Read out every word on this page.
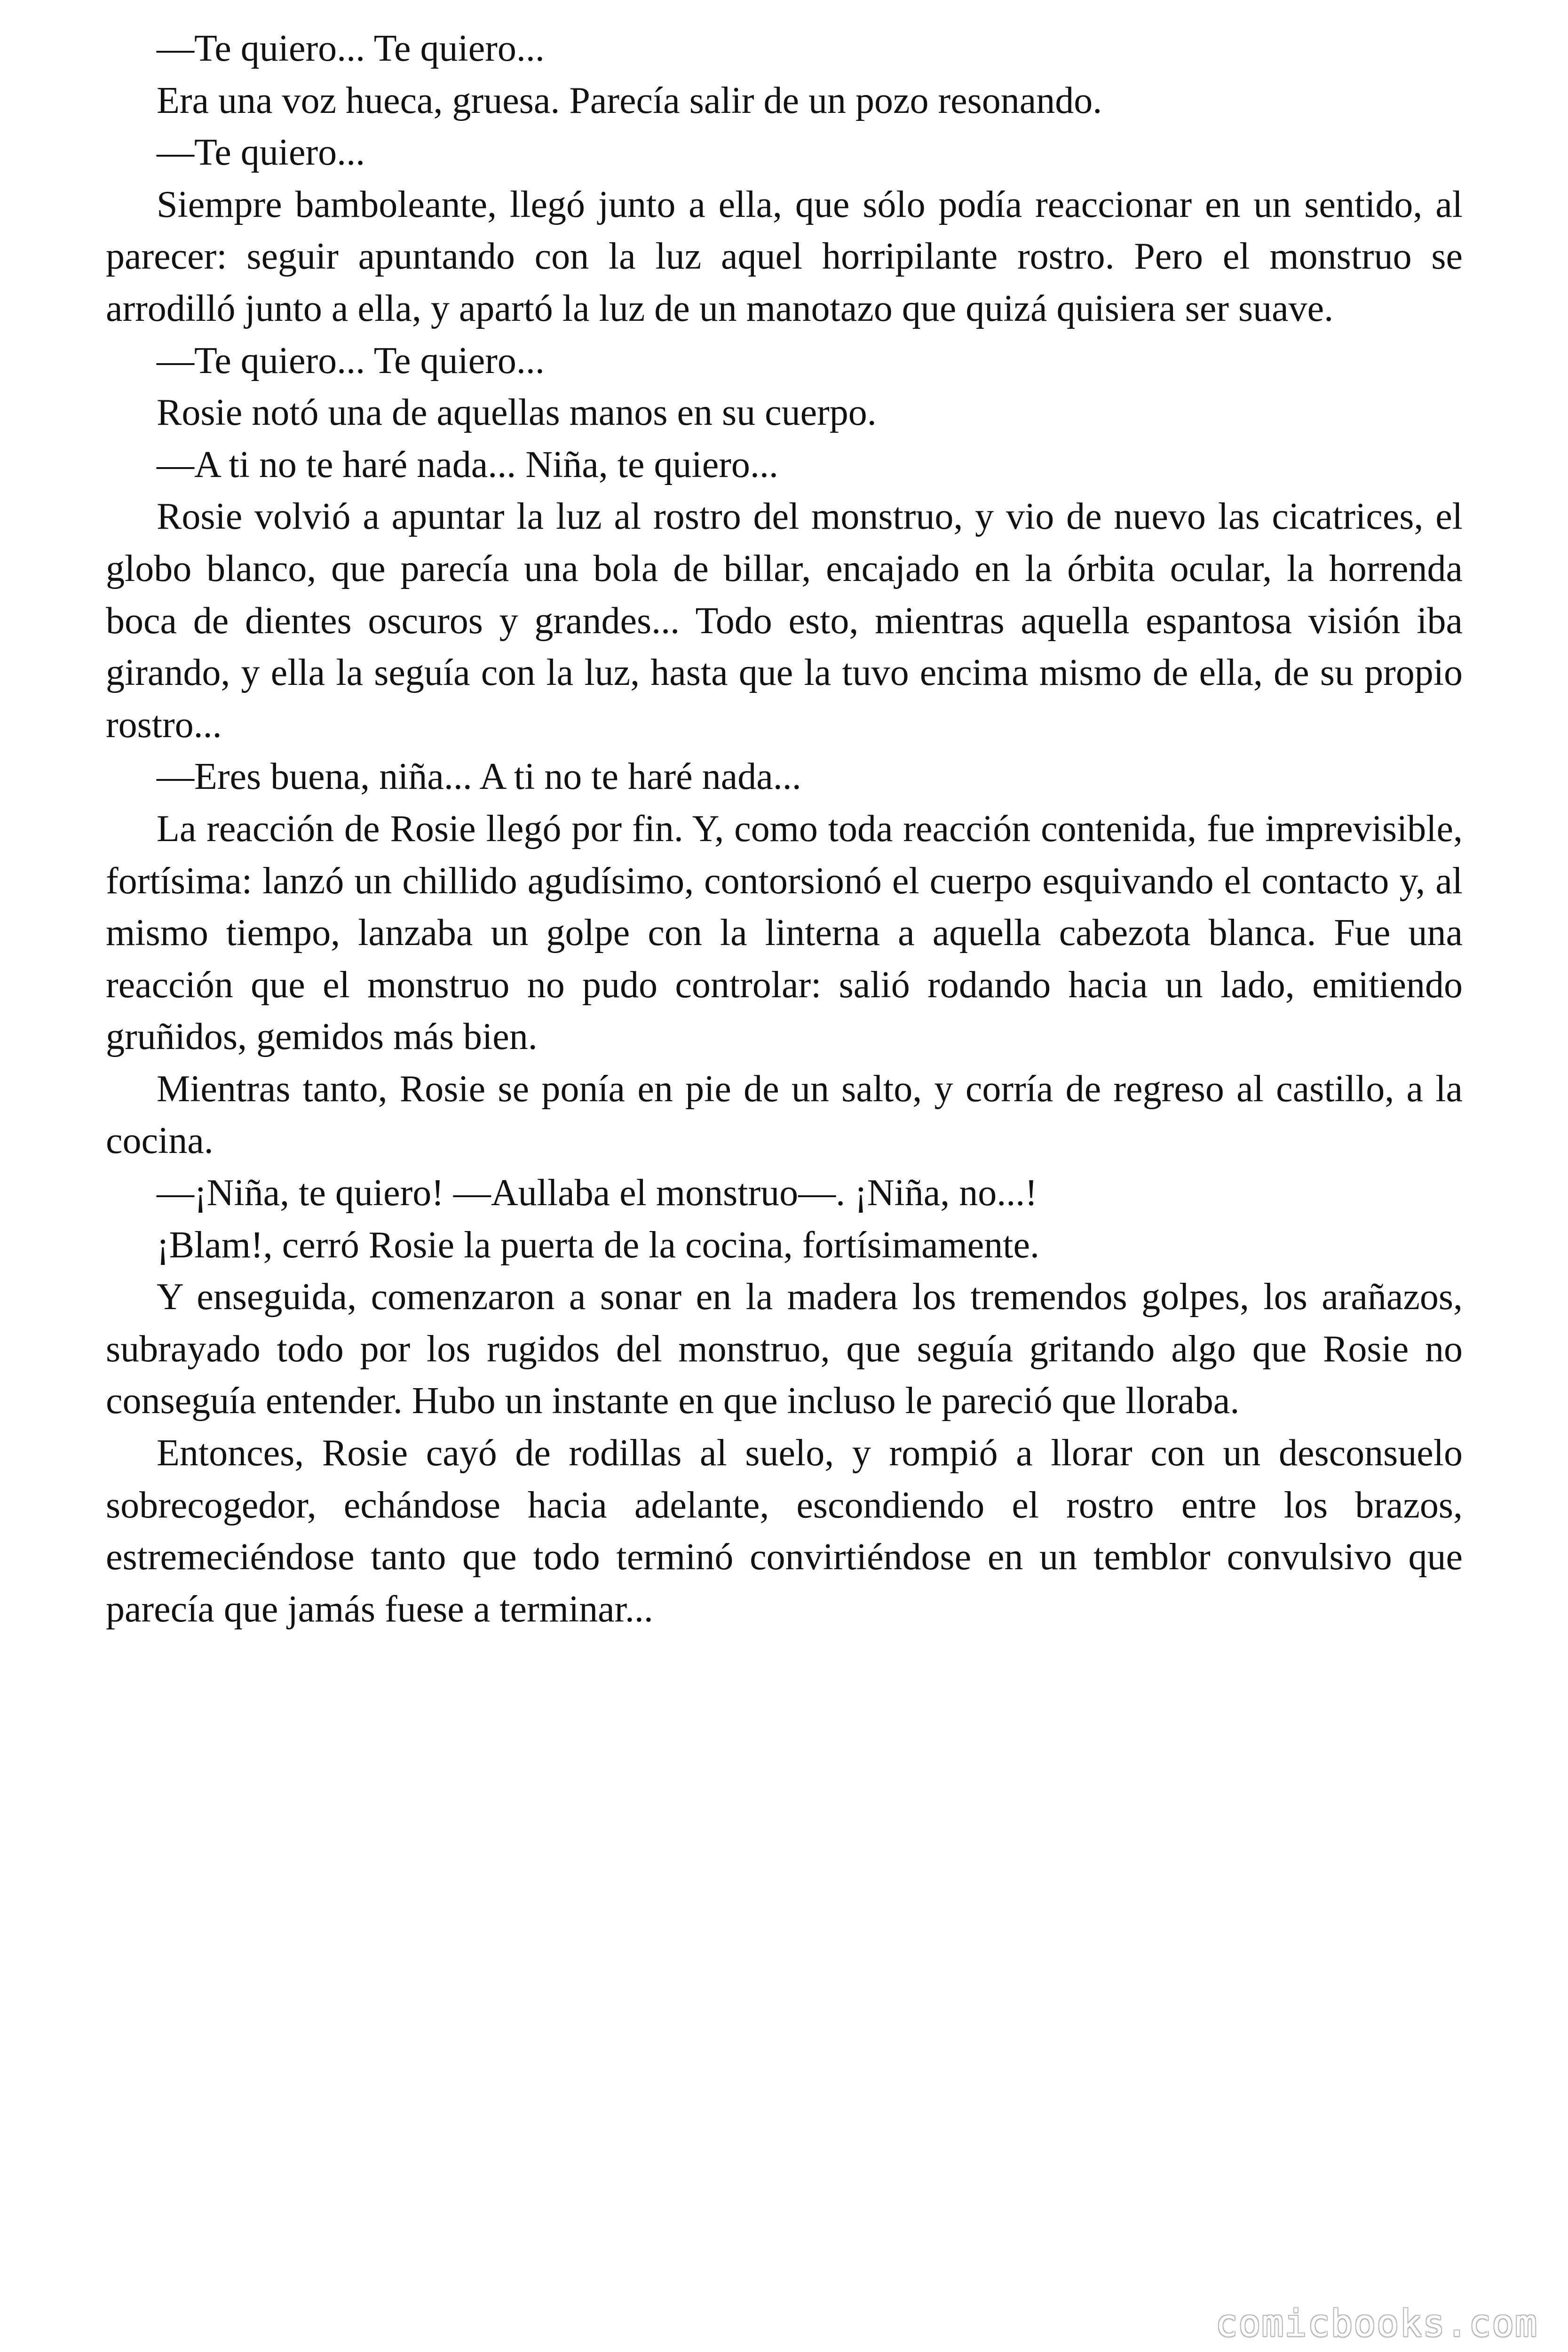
—Te quiero... Te quiero...

Era una voz hueca, gruesa. Parecía salir de un pozo resonando.

—Te quiero...

Siempre bamboleante, llegó junto a ella, que sólo podía reaccionar en un sentido, al parecer: seguir apuntando con la luz aquel horripilante rostro. Pero el monstruo se arrodilló junto a ella, y apartó la luz de un manotazo que quizá quisiera ser suave.

—Te quiero... Te quiero...

Rosie notó una de aquellas manos en su cuerpo.

—A ti no te haré nada... Niña, te quiero...

Rosie volvió a apuntar la luz al rostro del monstruo, y vio de nuevo las cicatrices, el globo blanco, que parecía una bola de billar, encajado en la órbita ocular, la horrenda boca de dientes oscuros y grandes... Todo esto, mientras aquella espantosa visión iba girando, y ella la seguía con la luz, hasta que la tuvo encima mismo de ella, de su propio rostro...

—Eres buena, niña... A ti no te haré nada...

La reacción de Rosie llegó por fin. Y, como toda reacción contenida, fue imprevisible, fortísima: lanzó un chillido agudísimo, contorsionó el cuerpo esquivando el contacto y, al mismo tiempo, lanzaba un golpe con la linterna a aquella cabezota blanca. Fue una reacción que el monstruo no pudo controlar: salió rodando hacia un lado, emitiendo gruñidos, gemidos más bien.

Mientras tanto, Rosie se ponía en pie de un salto, y corría de regreso al castillo, a la cocina.

—¡Niña, te quiero! —Aullaba el monstruo—. ¡Niña, no...!

¡Blam!, cerró Rosie la puerta de la cocina, fortísimamente.

Y enseguida, comenzaron a sonar en la madera los tremendos golpes, los arañazos, subrayado todo por los rugidos del monstruo, que seguía gritando algo que Rosie no conseguía entender. Hubo un instante en que incluso le pareció que lloraba.

Entonces, Rosie cayó de rodillas al suelo, y rompió a llorar con un desconsuelo sobrecogedor, echándose hacia adelante, escondiendo el rostro entre los brazos, estremeciéndose tanto que todo terminó convirtiéndose en un temblor convulsivo que parecía que jamás fuese a terminar...

comicbooks.com
